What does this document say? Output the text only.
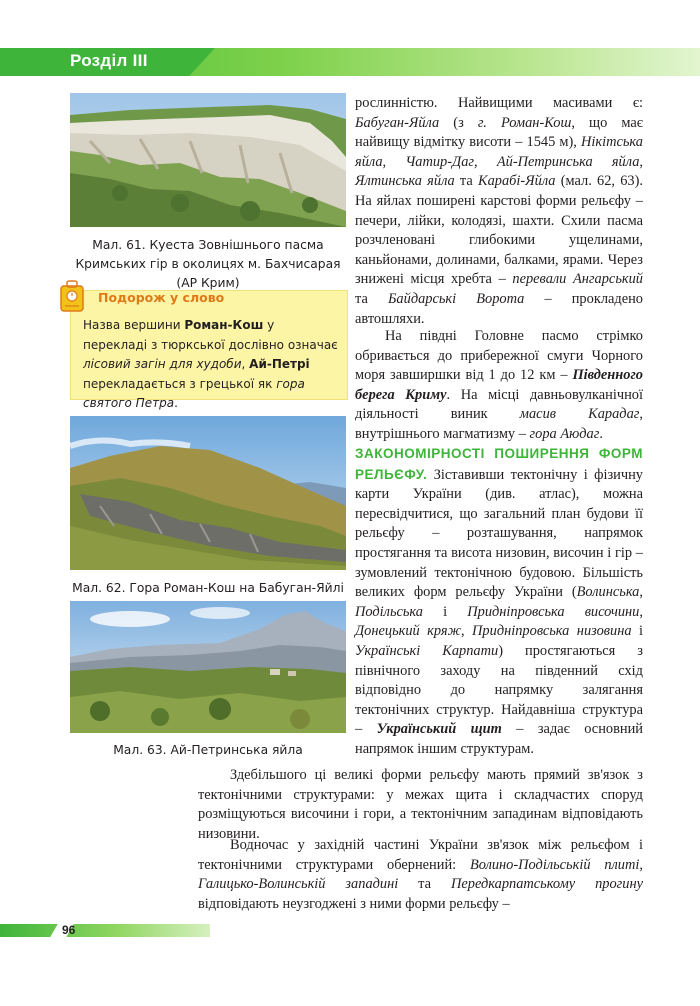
Розділ ІІІ
Мал. 61. Куеста Зовнішнього пасма
Кримських гір в околицях м. Бахчисарая
(АР Крим)
Подорож у слово
Назва вершини Роман-Кош у перекладі з тюркської дослівно означає лісовий загін для худоби, Ай-Петрі перекладається з грецької як гора святого Петра.
Мал. 62. Гора Роман-Кош на Бабуган-Яйлі
Мал. 63. Ай-Петринська яйла
рослинністю. Найвищими масивами є: Бабуган-Яйла (з г. Роман-Кош, що має найвищу відмітку висоти – 1545 м), Нікітська яйла, Чатир-Даг, Ай-Петринська яйла, Ялтинська яйла та Карабі-Яйла (мал. 62, 63). На яйлах поширені карстові форми рельєфу – печери, лійки, колодязі, шахти. Схили пасма розчленовані глибокими ущелинами, каньйонами, долинами, балками, ярами. Через знижені місця хребта – перевали Ангарський та Байдарські Ворота – прокладено автошляхи.
На півдні Головне пасмо стрімко обривається до прибережної смуги Чорного моря завширшки від 1 до 12 км – Південного берега Криму. На місці давньовулканічної діяльності виник масив Карадаг, внутрішнього магматизму – гора Аюдаг.
ЗАКОНОМІРНОСТІ ПОШИРЕННЯ ФОРМ РЕЛЬЄФУ. Зіставивши тектонічну і фізичну карти України (див. атлас), можна пересвідчитися, що загальний план будови її рельєфу – розташування, напрямок простягання та висота низовин, височин і гір – зумовлений тектонічною будовою. Більшість великих форм рельєфу України (Волинська, Подільська і Придніпровська височини, Донецький кряж, Придніпровська низовина і Українські Карпати) простягаються з північного заходу на південний схід відповідно до напрямку залягання тектонічних структур. Найдавніша структура – Український щит – задає основний напрямок іншим структурам.
Здебільшого ці великі форми рельєфу мають прямий зв'язок з тектонічними структурами: у межах щита і складчастих споруд розміщуються височини і гори, а тектонічним западинам відповідають низовини.
Водночас у західній частині України зв'язок між рельєфом і тектонічними структурами обернений: Волино-Подільській плиті, Галицько-Волинській западині та Передкарпатському прогину відповідають неузгоджені з ними форми рельєфу –
96
